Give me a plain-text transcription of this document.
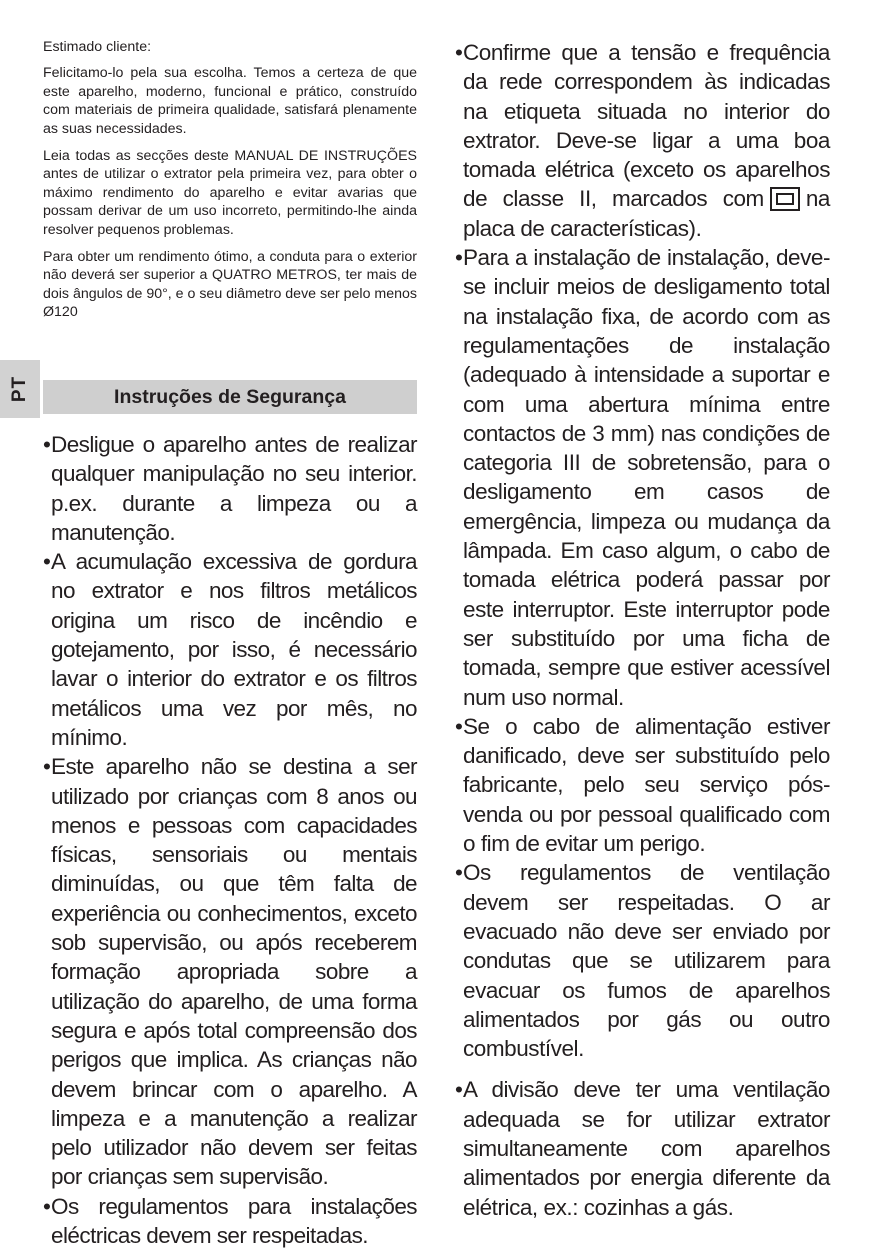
PT

Estimado cliente:

Felicitamo-lo pela sua escolha. Temos a certeza de que este aparelho, moderno, funcional e prático, construído com materiais de primeira qualidade, satisfará plenamente as suas necessidades.

Leia todas as secções deste MANUAL DE INSTRUÇÕES antes de utilizar o extrator pela primeira vez, para obter o máximo rendimento do aparelho e evitar avarias que possam derivar de um uso incorreto, permitindo-lhe ainda resolver pequenos problemas.

Para obter um rendimento ótimo, a conduta para o exterior não deverá ser superior a QUATRO METROS, ter mais de dois ângulos de 90°, e o seu diâmetro deve ser pelo menos Ø120

Instruções de Segurança

• Desligue o aparelho antes de realizar qualquer manipulação no seu interior. p.ex. durante a limpeza ou a manutenção.

• A acumulação excessiva de gordura no extrator e nos filtros metálicos origina um risco de incêndio e gotejamento, por isso, é necessário lavar o interior do extrator e os filtros metálicos uma vez por mês, no mínimo.

• Este aparelho não se destina a ser utilizado por crianças com 8 anos ou menos e pessoas com capacidades físicas, sensoriais ou mentais diminuídas, ou que têm falta de experiência ou conhecimentos, exceto sob supervisão, ou após receberem formação apropriada sobre a utilização do aparelho, de uma forma segura e após total compreensão dos perigos que implica. As crianças não devem brincar com o aparelho. A limpeza e a manutenção a realizar pelo utilizador não devem ser feitas por crianças sem supervisão.

• Os regulamentos para instalações eléctricas devem ser respeitadas.

• Confirme que a tensão e frequência da rede correspondem às indicadas na etiqueta situada no interior do extrator. Deve-se ligar a uma boa tomada elétrica (exceto os aparelhos de classe II, marcados com na placa de características).

• Para a instalação de instalação, deve-se incluir meios de desligamento total na instalação fixa, de acordo com as regulamentações de instalação (adequado à intensidade a suportar e com uma abertura mínima entre contactos de 3 mm) nas condições de categoria III de sobretensão, para o desligamento em casos de emergência, limpeza ou mudança da lâmpada. Em caso algum, o cabo de tomada elétrica poderá passar por este interruptor. Este interruptor pode ser substituído por uma ficha de tomada, sempre que estiver acessível num uso normal.

• Se o cabo de alimentação estiver danificado, deve ser substituído pelo fabricante, pelo seu serviço pós-venda ou por pessoal qualificado com o fim de evitar um perigo.

• Os regulamentos de ventilação devem ser respeitadas. O ar evacuado não deve ser enviado por condutas que se utilizarem para evacuar os fumos de aparelhos alimentados por gás ou outro combustível.

• A divisão deve ter uma ventilação adequada se for utilizar extrator simultaneamente com aparelhos alimentados por energia diferente da elétrica, ex.: cozinhas a gás.
